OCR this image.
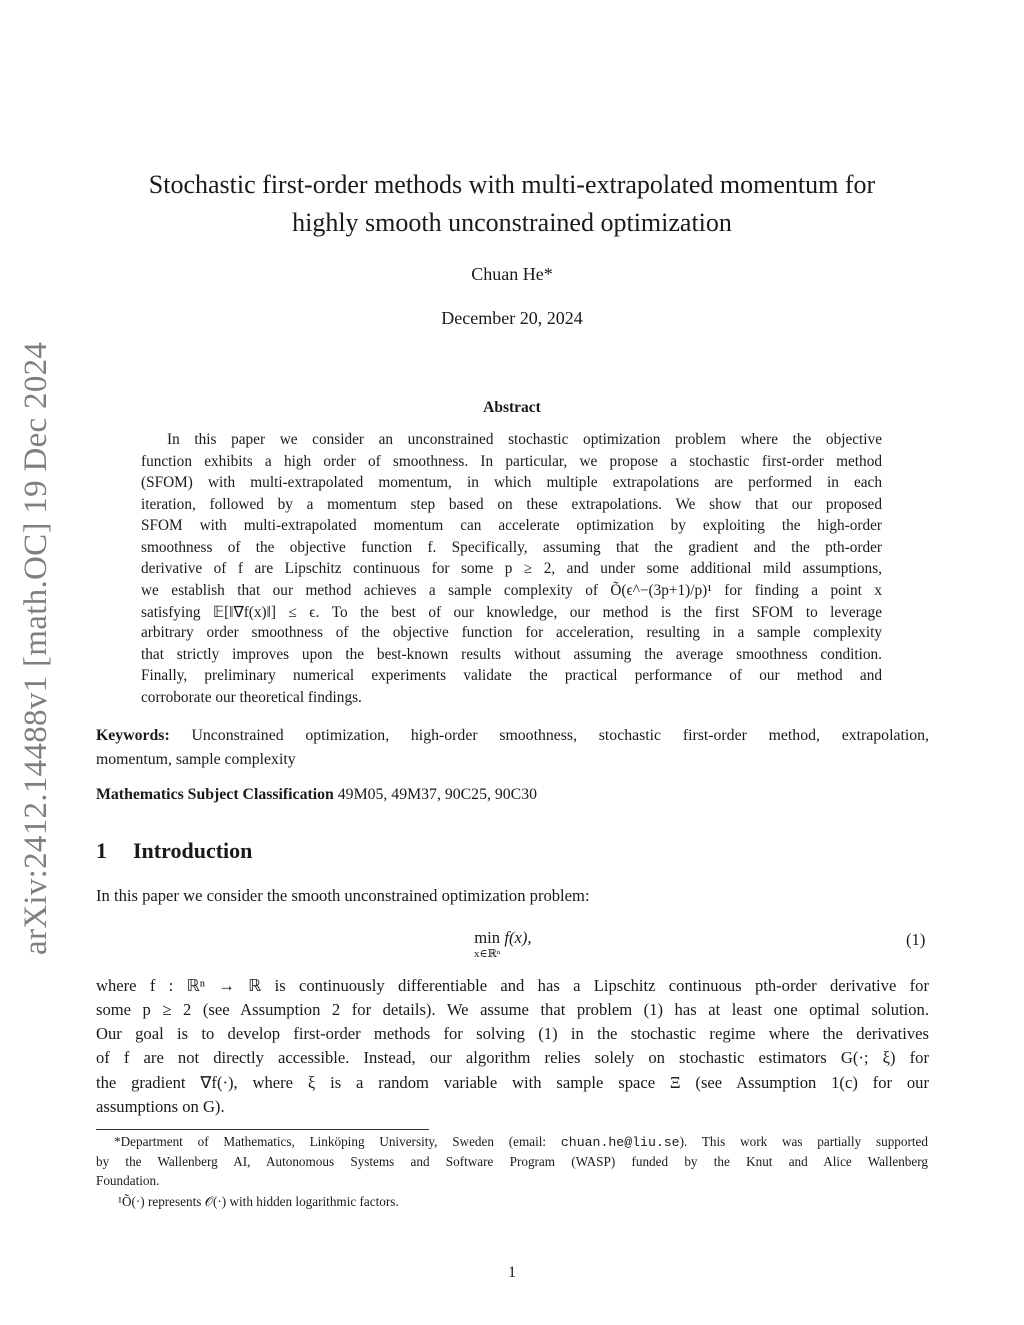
arXiv:2412.14488v1 [math.OC] 19 Dec 2024
Stochastic first-order methods with multi-extrapolated momentum for
highly smooth unconstrained optimization
Chuan He*
December 20, 2024
Abstract
In this paper we consider an unconstrained stochastic optimization problem where the objective
function exhibits a high order of smoothness. In particular, we propose a stochastic first-order method
(SFOM) with multi-extrapolated momentum, in which multiple extrapolations are performed in each
iteration, followed by a momentum step based on these extrapolations. We show that our proposed
SFOM with multi-extrapolated momentum can accelerate optimization by exploiting the high-order
smoothness of the objective function f. Specifically, assuming that the gradient and the pth-order
derivative of f are Lipschitz continuous for some p ≥ 2, and under some additional mild assumptions,
we establish that our method achieves a sample complexity of Õ(ϵ^−(3p+1)/p)¹ for finding a point x
satisfying 𝔼[‖∇f(x)‖] ≤ ϵ. To the best of our knowledge, our method is the first SFOM to leverage
arbitrary order smoothness of the objective function for acceleration, resulting in a sample complexity
that strictly improves upon the best-known results without assuming the average smoothness condition.
Finally, preliminary numerical experiments validate the practical performance of our method and
corroborate our theoretical findings.
Keywords: Unconstrained optimization, high-order smoothness, stochastic first-order method, extrapolation,
momentum, sample complexity
Mathematics Subject Classification 49M05, 49M37, 90C25, 90C30
1 Introduction
In this paper we consider the smooth unconstrained optimization problem:
min
$^{x\in ℝ^n}$ f(x),	(1)
where f : ℝⁿ → ℝ is continuously differentiable and has a Lipschitz continuous pth-order derivative for
some p ≥ 2 (see Assumption 2 for details). We assume that problem (1) has at least one optimal solution.
Our goal is to develop first-order methods for solving (1) in the stochastic regime where the derivatives
of f are not directly accessible. Instead, our algorithm relies solely on stochastic estimators G(·; ξ) for
the gradient ∇f(·), where ξ is a random variable with sample space Ξ (see Assumption 1(c) for our
assumptions on G).
*Department of Mathematics, Linköping University, Sweden (email: chuan.he@liu.se). This work was partially supported
by the Wallenberg AI, Autonomous Systems and Software Program (WASP) funded by the Knut and Alice Wallenberg
Foundation.
¹Õ(·) represents 𝒪(·) with hidden logarithmic factors.
1
